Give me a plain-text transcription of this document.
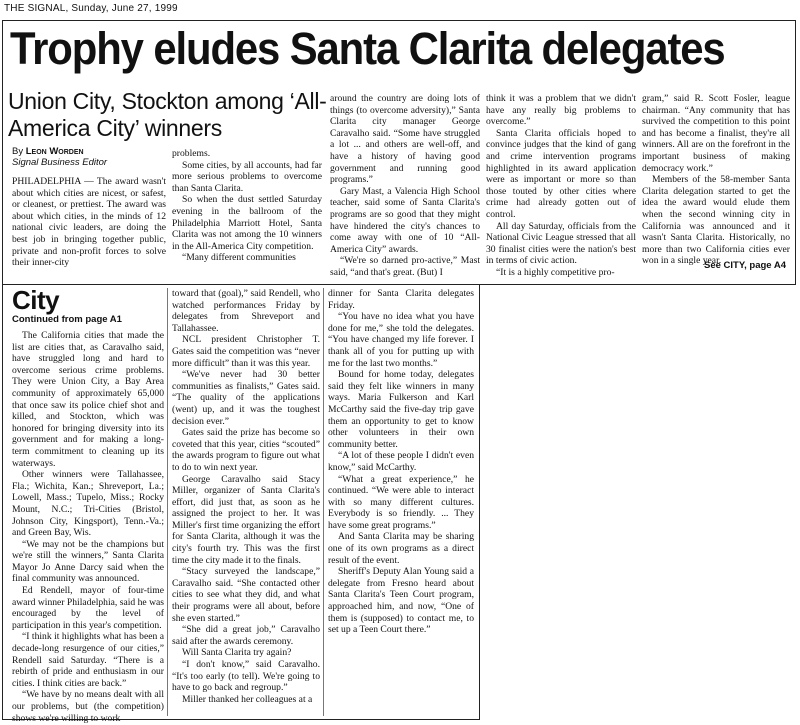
THE SIGNAL, Sunday, June 27, 1999
Trophy eludes Santa Clarita delegates
Union City, Stockton among ‘All-America City’ winners
By Leon Worden
Signal Business Editor

PHILADELPHIA — The award wasn't about which cities are nicest, or safest, or cleanest, or prettiest. The award was about which cities, in the minds of 12 national civic leaders, are doing the best job in bringing together public, private and non-profit forces to solve their inner-city

problems.

Some cities, by all accounts, had far more serious problems to overcome than Santa Clarita.

So when the dust settled Saturday evening in the ballroom of the Philadelphia Marriott Hotel, Santa Clarita was not among the 10 winners in the All-America City competition.

“Many different communities

around the country are doing lots of things (to overcome adversity),” Santa Clarita city manager George Caravalho said. “Some have struggled a lot ... and others are well-off, and have a history of having good government and running good programs.”

Gary Mast, a Valencia High School teacher, said some of Santa Clarita's programs are so good that they might have hindered the city's chances to come away with one of 10 “All-America City” awards.

“We're so darned pro-active,” Mast said, “and that's great. (But) I

think it was a problem that we didn't have any really big problems to overcome.”

Santa Clarita officials hoped to convince judges that the kind of gang and crime intervention programs highlighted in its award application were as important or more so than those touted by other cities where crime had already gotten out of control.

All day Saturday, officials from the National Civic League stressed that all 30 finalist cities were the nation's best in terms of civic action.

“It is a highly competitive pro-

gram,” said R. Scott Fosler, league chairman. “Any community that has survived the competition to this point and has become a finalist, they're all winners. All are on the forefront in the important business of making democracy work.”

Members of the 58-member Santa Clarita delegation started to get the idea the award would elude them when the second winning city in California was announced and it wasn't Santa Clarita. Historically, no more than two California cities ever won in a single year.

See CITY, page A4
City
Continued from page A1

The California cities that made the list are cities that, as Caravalho said, have struggled long and hard to overcome serious crime problems. They were Union City, a Bay Area community of approximately 65,000 that once saw its police chief shot and killed, and Stockton, which was honored for bringing diversity into its government and for making a long-term commitment to cleaning up its waterways.

Other winners were Tallahassee, Fla.; Wichita, Kan.; Shreveport, La.; Lowell, Mass.; Tupelo, Miss.; Rocky Mount, N.C.; Tri-Cities (Bristol, Johnson City, Kingsport), Tenn.-Va.; and Green Bay, Wis.

“We may not be the champions but we're still the winners,” Santa Clarita Mayor Jo Anne Darcy said when the final community was announced.

Ed Rendell, mayor of four-time award winner Philadelphia, said he was encouraged by the level of participation in this year's competition.

“I think it highlights what has been a decade-long resurgence of our cities,” Rendell said Saturday. “There is a rebirth of pride and enthusiasm in our cities. I think cities are back.”

“We have by no means dealt with all our problems, but (the competition) shows we're willing to work

toward that (goal),” said Rendell, who watched performances Friday by delegates from Shreveport and Tallahassee.

NCL president Christopher T. Gates said the competition was “never more difficult” than it was this year.

“We've never had 30 better communities as finalists,” Gates said. “The quality of the applications (went) up, and it was the toughest decision ever.”

Gates said the prize has become so coveted that this year, cities “scouted” the awards program to figure out what to do to win next year.

George Caravalho said Stacy Miller, organizer of Santa Clarita's effort, did just that, as soon as he assigned the project to her. It was Miller's first time organizing the effort for Santa Clarita, although it was the city's fourth try. This was the first time the city made it to the finals.

“Stacy surveyed the landscape,” Caravalho said. “She contacted other cities to see what they did, and what their programs were all about, before she even started.”

“She did a great job,” Caravalho said after the awards ceremony.

Will Santa Clarita try again?

“I don't know,” said Caravalho. “It's too early (to tell). We're going to have to go back and regroup.”

Miller thanked her colleagues at a

dinner for Santa Clarita delegates Friday.

“You have no idea what you have done for me,” she told the delegates. “You have changed my life forever. I thank all of you for putting up with me for the last two months.”

Bound for home today, delegates said they felt like winners in many ways. Maria Fulkerson and Karl McCarthy said the five-day trip gave them an opportunity to get to know other volunteers in their own community better.

“A lot of these people I didn't even know,” said McCarthy.

“What a great experience,” he continued. “We were able to interact with so many different cultures. Everybody is so friendly. ... They have some great programs.”

And Santa Clarita may be sharing one of its own programs as a direct result of the event.

Sheriff's Deputy Alan Young said a delegate from Fresno heard about Santa Clarita's Teen Court program, approached him, and now, “One of them is (supposed) to contact me, to set up a Teen Court there.”
